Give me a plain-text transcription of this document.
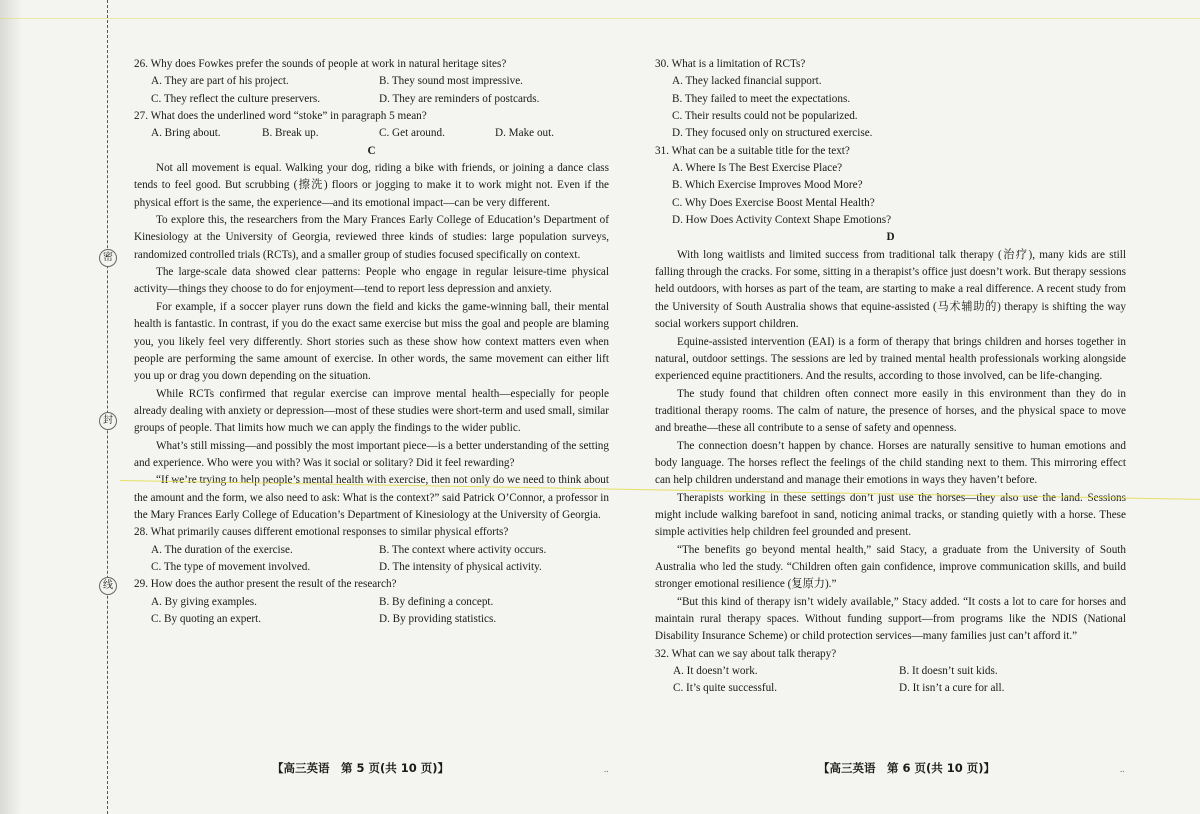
密
封
线

26. Why does Fowkes prefer the sounds of people at work in natural heritage sites?

A. They are part of his project.	B. They sound most impressive.
C. They reflect the culture preservers.	D. They are reminders of postcards.

27. What does the underlined word “stoke” in paragraph 5 mean?

A. Bring about.	B. Break up.	C. Get around.	D. Make out.

C

Not all movement is equal. Walking your dog, riding a bike with friends, or joining a dance class tends to feel good. But scrubbing (擦洗) floors or jogging to make it to work might not. Even if the physical effort is the same, the experience—and its emotional impact—can be very different.

To explore this, the researchers from the Mary Frances Early College of Education’s Department of Kinesiology at the University of Georgia, reviewed three kinds of studies: large population surveys, randomized controlled trials (RCTs), and a smaller group of studies focused specifically on context.

The large-scale data showed clear patterns: People who engage in regular leisure-time physical activity—things they choose to do for enjoyment—tend to report less depression and anxiety.

For example, if a soccer player runs down the field and kicks the game-winning ball, their mental health is fantastic. In contrast, if you do the exact same exercise but miss the goal and people are blaming you, you likely feel very differently. Short stories such as these show how context matters even when people are performing the same amount of exercise. In other words, the same movement can either lift you up or drag you down depending on the situation.

While RCTs confirmed that regular exercise can improve mental health—especially for people already dealing with anxiety or depression—most of these studies were short-term and used small, similar groups of people. That limits how much we can apply the findings to the wider public.

What’s still missing—and possibly the most important piece—is a better understanding of the setting and experience. Who were you with? Was it social or solitary? Did it feel rewarding?

“If we’re trying to help people’s mental health with exercise, then not only do we need to think about the amount and the form, we also need to ask: What is the context?” said Patrick O’Connor, a professor in the Mary Frances Early College of Education’s Department of Kinesiology at the University of Georgia.

28. What primarily causes different emotional responses to similar physical efforts?

A. The duration of the exercise.	B. The context where activity occurs.
C. The type of movement involved.	D. The intensity of physical activity.

29. How does the author present the result of the research?

A. By giving examples.	B. By defining a concept.
C. By quoting an expert.	D. By providing statistics.
【高三英语　第 5 页(共 10 页)】	..

30. What is a limitation of RCTs?

A. They lacked financial support.

B. They failed to meet the expectations.

C. Their results could not be popularized.

D. They focused only on structured exercise.

31. What can be a suitable title for the text?

A. Where Is The Best Exercise Place?

B. Which Exercise Improves Mood More?

C. Why Does Exercise Boost Mental Health?

D. How Does Activity Context Shape Emotions?

D

With long waitlists and limited success from traditional talk therapy (治疗), many kids are still falling through the cracks. For some, sitting in a therapist’s office just doesn’t work. But therapy sessions held outdoors, with horses as part of the team, are starting to make a real difference. A recent study from the University of South Australia shows that equine-assisted (马术辅助的) therapy is shifting the way social workers support children.

Equine-assisted intervention (EAI) is a form of therapy that brings children and horses together in natural, outdoor settings. The sessions are led by trained mental health professionals working alongside experienced equine practitioners. And the results, according to those involved, can be life-changing.

The study found that children often connect more easily in this environment than they do in traditional therapy rooms. The calm of nature, the presence of horses, and the physical space to move and breathe—these all contribute to a sense of safety and openness.

The connection doesn’t happen by chance. Horses are naturally sensitive to human emotions and body language. The horses reflect the feelings of the child standing next to them. This mirroring effect can help children understand and manage their emotions in ways they haven’t before.

Therapists working in these settings don’t just use the horses—they also use the land. Sessions might include walking barefoot in sand, noticing animal tracks, or standing quietly with a horse. These simple activities help children feel grounded and present.

“The benefits go beyond mental health,” said Stacy, a graduate from the University of South Australia who led the study. “Children often gain confidence, improve communication skills, and build stronger emotional resilience (复原力).”

“But this kind of therapy isn’t widely available,” Stacy added. “It costs a lot to care for horses and maintain rural therapy spaces. Without funding support—from programs like the NDIS (National Disability Insurance Scheme) or child protection services—many families just can’t afford it.”

32. What can we say about talk therapy?

A. It doesn’t work.	B. It doesn’t suit kids.
C. It’s quite successful.	D. It isn’t a cure for all.
【高三英语　第 6 页(共 10 页)】	..
